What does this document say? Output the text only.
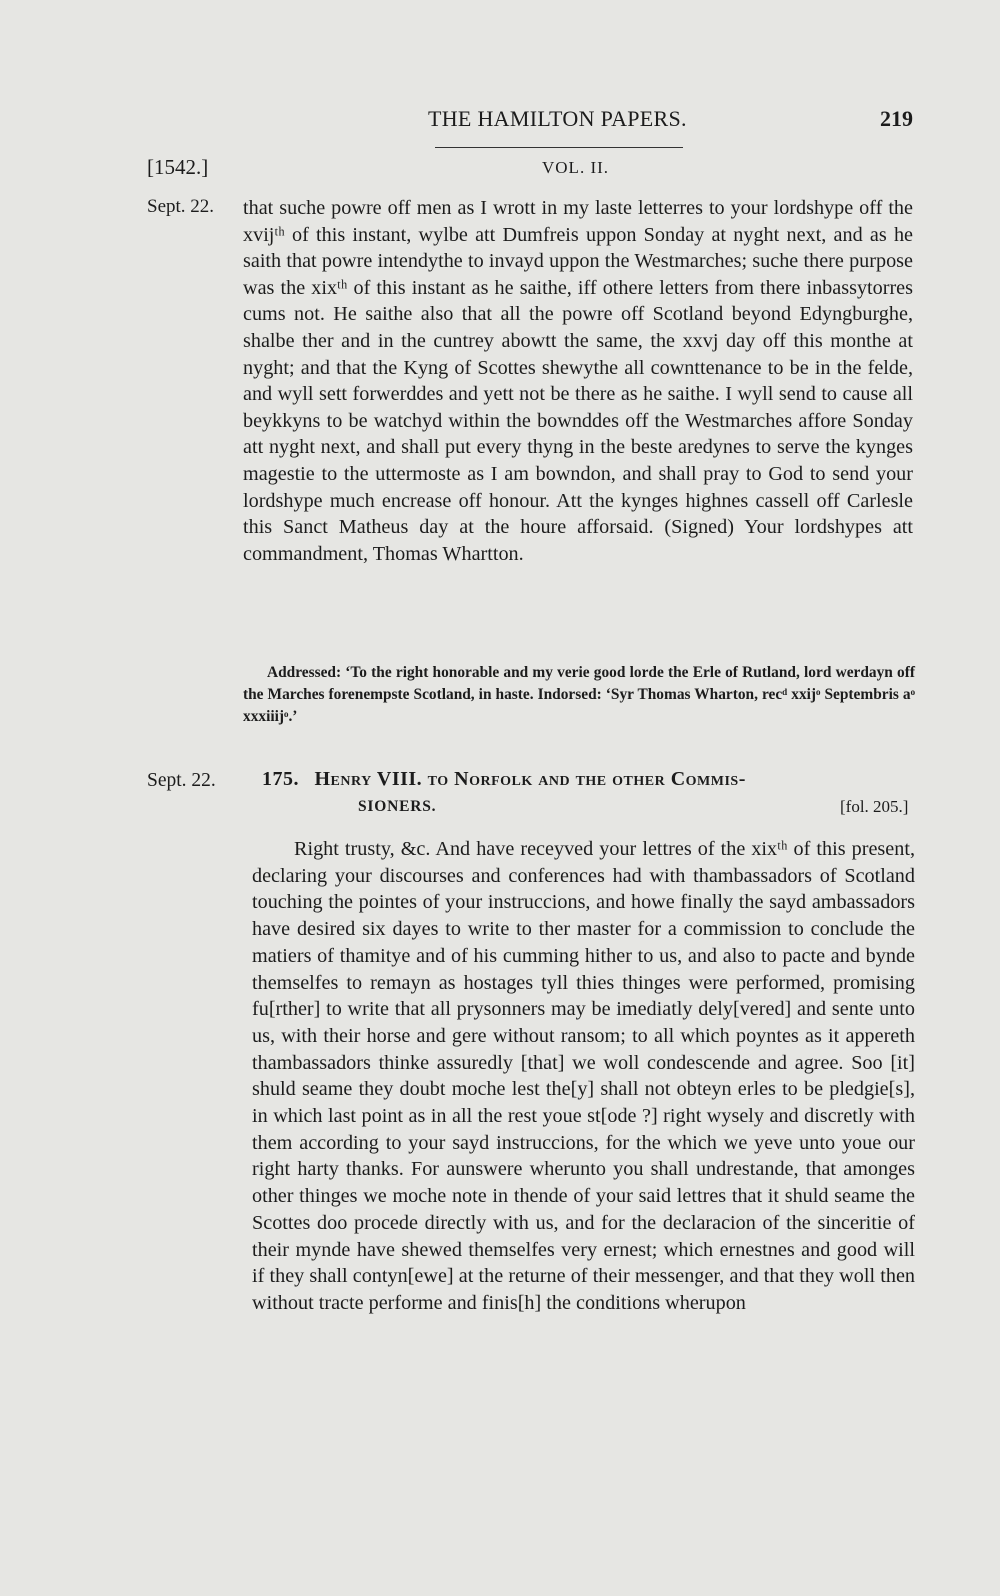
THE HAMILTON PAPERS.	219
[1542.]	VOL. II.
Sept. 22. that suche powre off men as I wrott in my laste letterres to your lordshype off the xvijᵗʰ of this instant, wylbe att Dumfreis uppon Sonday at nyght next, and as he saith that powre intendythe to invayd uppon the Westmarches; suche there purpose was the xixᵗʰ of this instant as he saithe, iff othere letters from there inbassytorres cums not. He saithe also that all the powre off Scotland beyond Edyngburghe, shalbe ther and in the cuntrey abowtt the same, the xxvj day off this monthe at nyght; and that the Kyng of Scottes shewythe all cownttenance to be in the felde, and wyll sett forwerddes and yett not be there as he saithe. I wyll send to cause all beykkyns to be watchyd within the bownddes off the Westmarches affore Sonday att nyght next, and shall put every thyng in the beste aredynes to serve the kynges magestie to the uttermoste as I am bowndon, and shall pray to God to send your lordshype much encrease off honour. Att the kynges highnes cassell off Carlesle this Sanct Matheus day at the houre afforsaid. (Signed) Your lordshypes att commandment, Thomas Whartton.

Addressed: ‘To the right honorable and my verie good lorde the Erle of Rutland, lord werdayn off the Marches forenempste Scotland, in haste. Indorsed: ‘Syr Thomas Wharton, recᵈ xxijᵒ Septembris aᵒ xxxiiijᵒ.’

Sept. 22. 175. Henry VIII. to Norfolk and the other Commis-
SIONERS.	[fol. 205.]

Right trusty, &c. And have receyved your lettres of the xixᵗʰ of this present, declaring your discourses and conferences had with thambassadors of Scotland touching the pointes of your instruccions, and howe finally the sayd ambassadors have desired six dayes to write to ther master for a commission to conclude the matiers of thamitye and of his cumming hither to us, and also to pacte and bynde themselfes to remayn as hostages tyll thies thinges were performed, promising fu[rther] to write that all prysonners may be imediatly dely[vered] and sente unto us, with their horse and gere without ransom; to all which poyntes as it appereth thambassadors thinke assuredly [that] we woll condescende and agree. Soo [it] shuld seame they doubt moche lest the[y] shall not obteyn erles to be pledgie[s], in which last point as in all the rest youe st[ode ?] right wysely and discretly with them according to your sayd instruccions, for the which we yeve unto youe our right harty thanks. For aunswere wherunto you shall undrestande, that amonges other thinges we moche note in thende of your said lettres that it shuld seame the Scottes doo procede directly with us, and for the declaracion of the sinceritie of their mynde have shewed themselfes very ernest; which ernestnes and good will if they shall contyn[ewe] at the returne of their messenger, and that they woll then without tracte performe and finis[h] the conditions wherupon
